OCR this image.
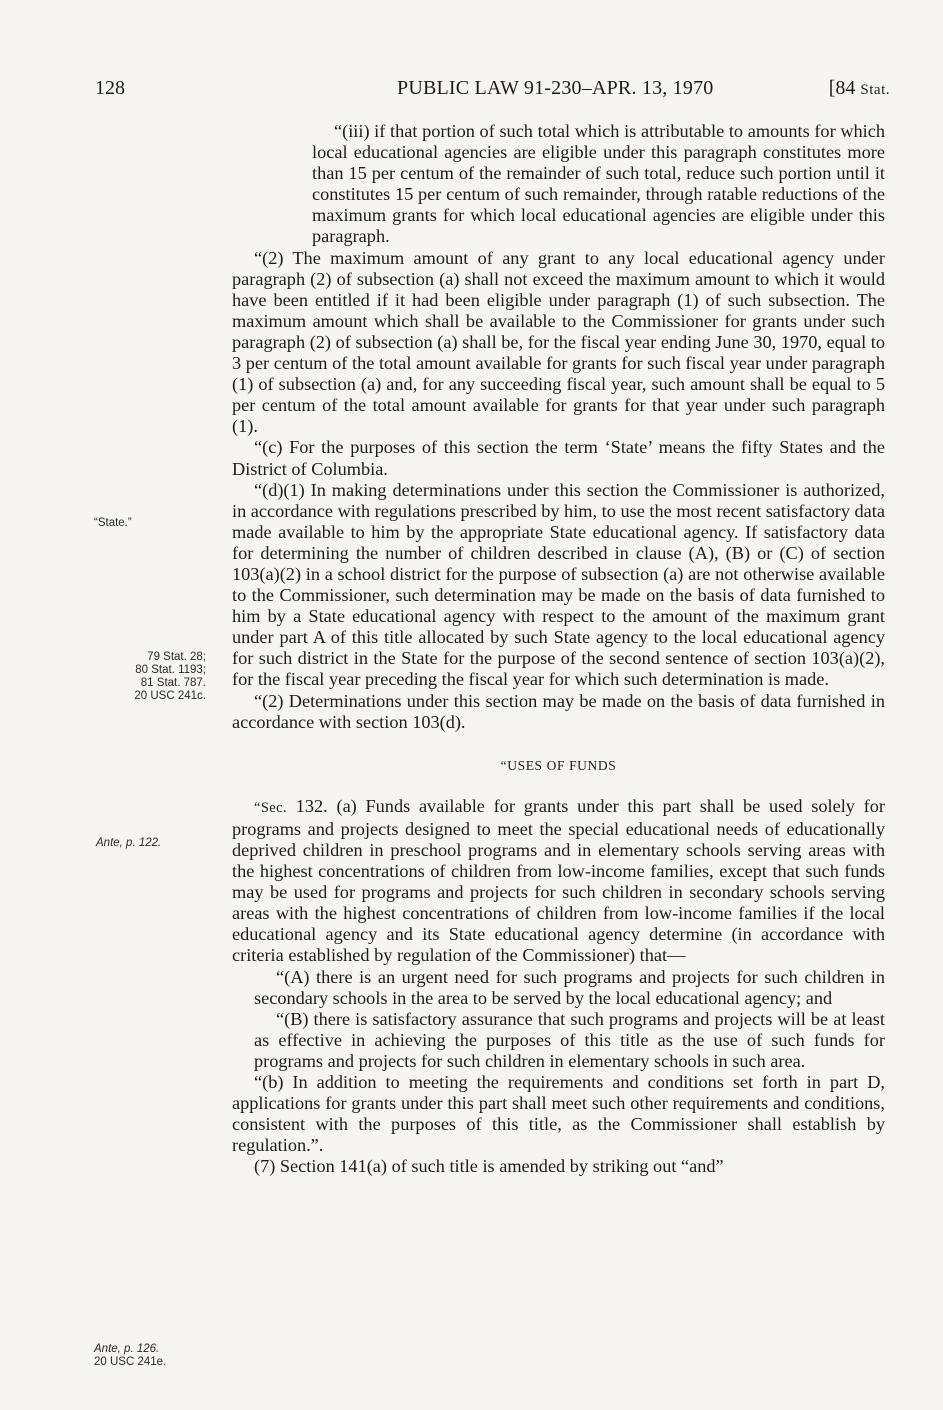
128	PUBLIC LAW 91-230–APR. 13, 1970	[84 Stat.
“State.”
79 Stat. 28;
80 Stat. 1193;
81 Stat. 787.
20 USC 241c.
Ante, p. 122.
Ante, p. 126.
20 USC 241e.

“(iii) if that portion of such total which is attributable to amounts for which local educational agencies are eligible under this paragraph constitutes more than 15 per centum of the remainder of such total, reduce such portion until it constitutes 15 per centum of such remainder, through ratable reductions of the maximum grants for which local educational agencies are eligible under this paragraph.

“(2) The maximum amount of any grant to any local educational agency under paragraph (2) of subsection (a) shall not exceed the maximum amount to which it would have been entitled if it had been eligible under paragraph (1) of such subsection. The maximum amount which shall be available to the Commissioner for grants under such paragraph (2) of subsection (a) shall be, for the fiscal year ending June 30, 1970, equal to 3 per centum of the total amount available for grants for such fiscal year under paragraph (1) of subsection (a) and, for any succeeding fiscal year, such amount shall be equal to 5 per centum of the total amount available for grants for that year under such paragraph (1).

“(c) For the purposes of this section the term ‘State’ means the fifty States and the District of Columbia.

“(d)(1) In making determinations under this section the Commissioner is authorized, in accordance with regulations prescribed by him, to use the most recent satisfactory data made available to him by the appropriate State educational agency. If satisfactory data for determining the number of children described in clause (A), (B) or (C) of section 103(a)(2) in a school district for the purpose of subsection (a) are not otherwise available to the Commissioner, such determination may be made on the basis of data furnished to him by a State educational agency with respect to the amount of the maximum grant under part A of this title allocated by such State agency to the local educational agency for such district in the State for the purpose of the second sentence of section 103(a)(2), for the fiscal year preceding the fiscal year for which such determination is made.

“(2) Determinations under this section may be made on the basis of data furnished in accordance with section 103(d).

“USES OF FUNDS

“Sec. 132. (a) Funds available for grants under this part shall be used solely for programs and projects designed to meet the special educational needs of educationally deprived children in preschool programs and in elementary schools serving areas with the highest concentrations of children from low-income families, except that such funds may be used for programs and projects for such children in secondary schools serving areas with the highest concentrations of children from low-income families if the local educational agency and its State educational agency determine (in accordance with criteria established by regulation of the Commissioner) that—

“(A) there is an urgent need for such programs and projects for such children in secondary schools in the area to be served by the local educational agency; and

“(B) there is satisfactory assurance that such programs and projects will be at least as effective in achieving the purposes of this title as the use of such funds for programs and projects for such children in elementary schools in such area.

“(b) In addition to meeting the requirements and conditions set forth in part D, applications for grants under this part shall meet such other requirements and conditions, consistent with the purposes of this title, as the Commissioner shall establish by regulation.”.

(7) Section 141(a) of such title is amended by striking out “and”
